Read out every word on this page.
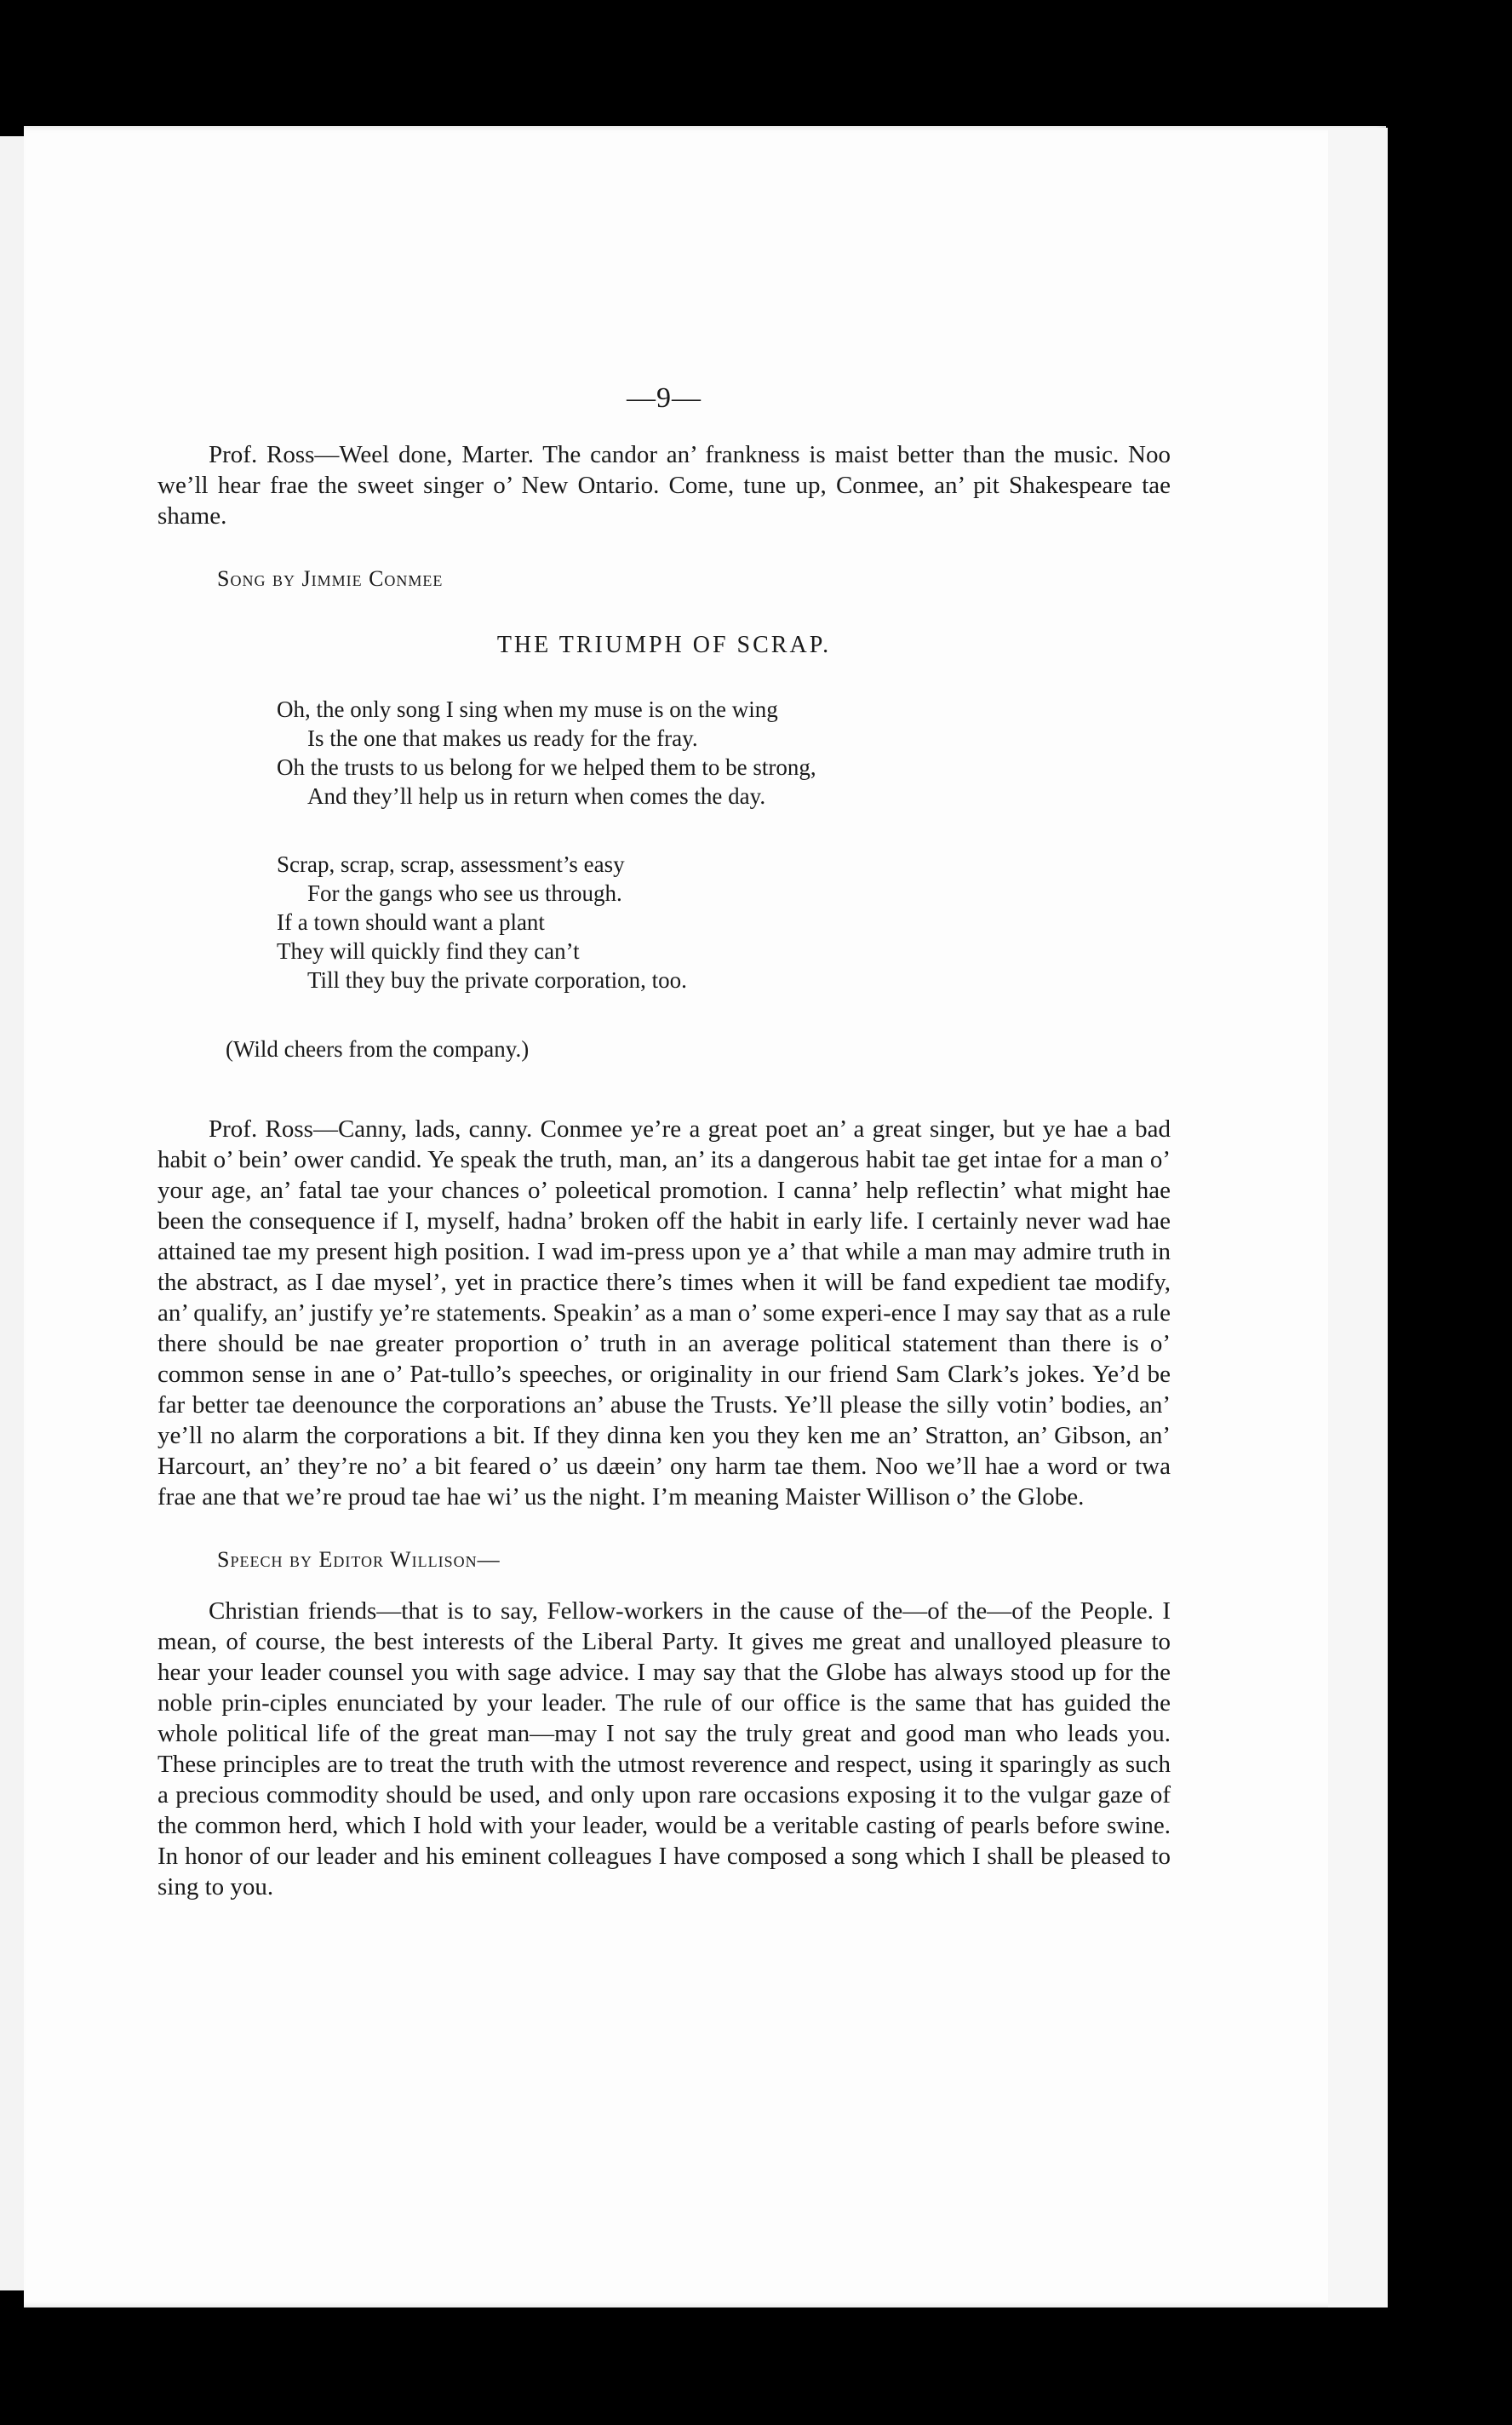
—9—

Prof. Ross—Weel done, Marter. The candor an’ frankness is maist better than the music. Noo we’ll hear frae the sweet singer o’ New Ontario. Come, tune up, Conmee, an’ pit Shakespeare tae shame.

Song by Jimmie Conmee
THE TRIUMPH OF SCRAP.
Oh, the only song I sing when my muse is on the wing
Is the one that makes us ready for the fray.
Oh the trusts to us belong for we helped them to be strong,
And they’ll help us in return when comes the day.
Scrap, scrap, scrap, assessment’s easy
For the gangs who see us through.
If a town should want a plant
They will quickly find they can’t
Till they buy the private corporation, too.
(Wild cheers from the company.)

Prof. Ross—Canny, lads, canny. Conmee ye’re a great poet an’ a great singer, but ye hae a bad habit o’ bein’ ower candid. Ye speak the truth, man, an’ its a dangerous habit tae get intae for a man o’ your age, an’ fatal tae your chances o’ poleetical promotion. I canna’ help reflectin’ what might hae been the consequence if I, myself, hadna’ broken off the habit in early life. I certainly never wad hae attained tae my present high position. I wad im-press upon ye a’ that while a man may admire truth in the abstract, as I dae mysel’, yet in practice there’s times when it will be fand expedient tae modify, an’ qualify, an’ justify ye’re statements. Speakin’ as a man o’ some experi-ence I may say that as a rule there should be nae greater proportion o’ truth in an average political statement than there is o’ common sense in ane o’ Pat-tullo’s speeches, or originality in our friend Sam Clark’s jokes. Ye’d be far better tae deenounce the corporations an’ abuse the Trusts. Ye’ll please the silly votin’ bodies, an’ ye’ll no alarm the corporations a bit. If they dinna ken you they ken me an’ Stratton, an’ Gibson, an’ Harcourt, an’ they’re no’ a bit feared o’ us dæein’ ony harm tae them. Noo we’ll hae a word or twa frae ane that we’re proud tae hae wi’ us the night. I’m meaning Maister Willison o’ the Globe.

Speech by Editor Willison—

Christian friends—that is to say, Fellow-workers in the cause of the—of the—of the People. I mean, of course, the best interests of the Liberal Party. It gives me great and unalloyed pleasure to hear your leader counsel you with sage advice. I may say that the Globe has always stood up for the noble prin-ciples enunciated by your leader. The rule of our office is the same that has guided the whole political life of the great man—may I not say the truly great and good man who leads you. These principles are to treat the truth with the utmost reverence and respect, using it sparingly as such a precious commodity should be used, and only upon rare occasions exposing it to the vulgar gaze of the common herd, which I hold with your leader, would be a veritable casting of pearls before swine. In honor of our leader and his eminent colleagues I have composed a song which I shall be pleased to sing to you.
